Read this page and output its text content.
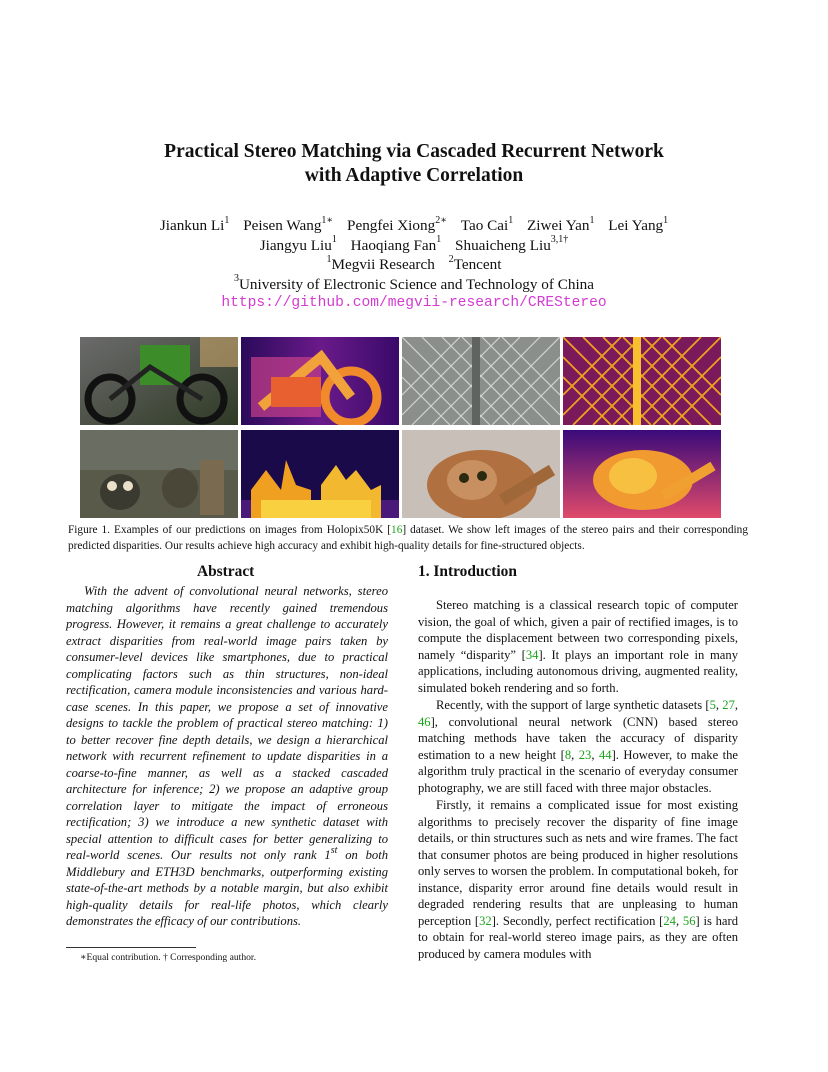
Practical Stereo Matching via Cascaded Recurrent Network
with Adaptive Correlation
Jiankun Li$^1$ Peisen Wang$^{1∗}$ Pengfei Xiong$^{2∗}$ Tao Cai$^1$ Ziwei Yan$^1$ Lei Yang$^1$
Jiangyu Liu$^1$ Haoqiang Fan$^1$ Shuaicheng Liu$^{3,1\dagger}$
$^1$Megvii Research $^2$Tencent
$^3$University of Electronic Science and Technology of China
https://github.com/megvii-research/CREStereo
Figure 1. Examples of our predictions on images from Holopix50K [16] dataset. We show left images of the stereo pairs and their corresponding predicted disparities. Our results achieve high accuracy and exhibit high-quality details for fine-structured objects.
Abstract

With the advent of convolutional neural networks, stereo matching algorithms have recently gained tremendous progress. However, it remains a great challenge to accurately extract disparities from real-world image pairs taken by consumer-level devices like smartphones, due to practical complicating factors such as thin structures, non-ideal rectification, camera module inconsistencies and various hard-case scenes. In this paper, we propose a set of innovative designs to tackle the problem of practical stereo matching: 1) to better recover fine depth details, we design a hierarchical network with recurrent refinement to update disparities in a coarse-to-fine manner, as well as a stacked cascaded architecture for inference; 2) we propose an adaptive group correlation layer to mitigate the impact of erroneous rectification; 3) we introduce a new synthetic dataset with special attention to difficult cases for better generalizing to real-world scenes. Our results not only rank 1st on both Middlebury and ETH3D benchmarks, outperforming existing state-of-the-art methods by a notable margin, but also exhibit high-quality details for real-life photos, which clearly demonstrates the efficacy of our contributions.

1. Introduction

Stereo matching is a classical research topic of computer vision, the goal of which, given a pair of rectified images, is to compute the displacement between two corresponding pixels, namely “disparity” [34]. It plays an important role in many applications, including autonomous driving, augmented reality, simulated bokeh rendering and so forth.

Recently, with the support of large synthetic datasets [5, 27, 46], convolutional neural network (CNN) based stereo matching methods have taken the accuracy of disparity estimation to a new height [8, 23, 44]. However, to make the algorithm truly practical in the scenario of everyday consumer photography, we are still faced with three major obstacles.

Firstly, it remains a complicated issue for most existing algorithms to precisely recover the disparity of fine image details, or thin structures such as nets and wire frames. The fact that consumer photos are being produced in higher resolutions only serves to worsen the problem. In computational bokeh, for instance, disparity error around fine details would result in degraded rendering results that are unpleasing to human perception [32]. Secondly, perfect rectification [24, 56] is hard to obtain for real-world stereo image pairs, as they are often produced by camera modules with

∗Equal contribution. † Corresponding author.
